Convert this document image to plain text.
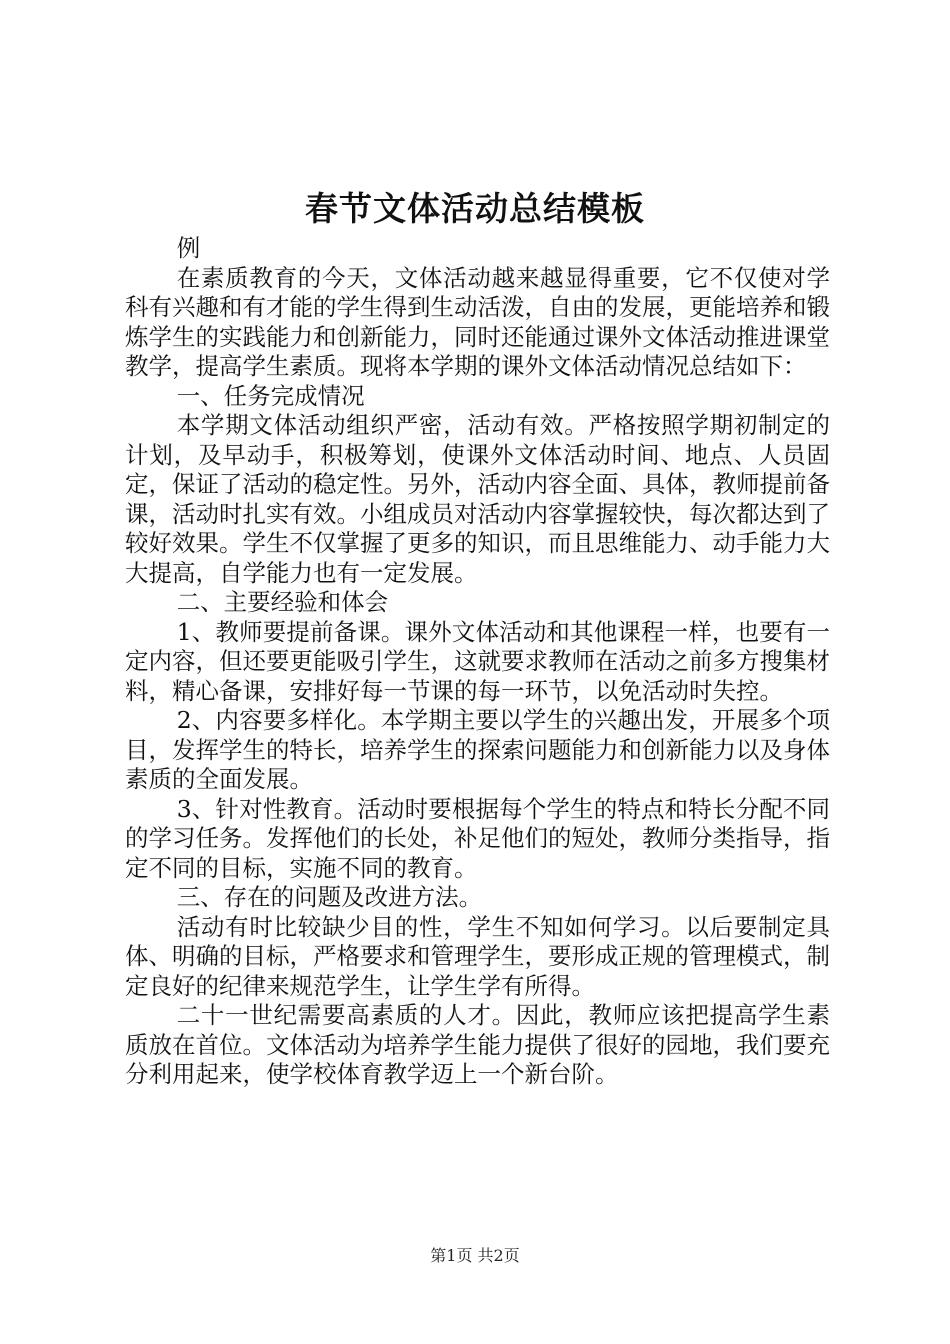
春节文体活动总结模板

例

在素质教育的今天，文体活动越来越显得重要，它不仅使对学科有兴趣和有才能的学生得到生动活泼，自由的发展，更能培养和锻炼学生的实践能力和创新能力，同时还能通过课外文体活动推进课堂教学，提高学生素质。现将本学期的课外文体活动情况总结如下：

一、任务完成情况

本学期文体活动组织严密，活动有效。严格按照学期初制定的计划，及早动手，积极筹划，使课外文体活动时间、地点、人员固定，保证了活动的稳定性。另外，活动内容全面、具体，教师提前备课，活动时扎实有效。小组成员对活动内容掌握较快，每次都达到了较好效果。学生不仅掌握了更多的知识，而且思维能力、动手能力大大提高，自学能力也有一定发展。

二、主要经验和体会

1、教师要提前备课。课外文体活动和其他课程一样，也要有一定内容，但还要更能吸引学生，这就要求教师在活动之前多方搜集材料，精心备课，安排好每一节课的每一环节，以免活动时失控。

2、内容要多样化。本学期主要以学生的兴趣出发，开展多个项目，发挥学生的特长，培养学生的探索问题能力和创新能力以及身体素质的全面发展。

3、针对性教育。活动时要根据每个学生的特点和特长分配不同的学习任务。发挥他们的长处，补足他们的短处，教师分类指导，指定不同的目标，实施不同的教育。

三、存在的问题及改进方法。

活动有时比较缺少目的性，学生不知如何学习。以后要制定具体、明确的目标，严格要求和管理学生，要形成正规的管理模式，制定良好的纪律来规范学生，让学生学有所得。

二十一世纪需要高素质的人才。因此，教师应该把提高学生素质放在首位。文体活动为培养学生能力提供了很好的园地，我们要充分利用起来，使学校体育教学迈上一个新台阶。

第1页 共2页
